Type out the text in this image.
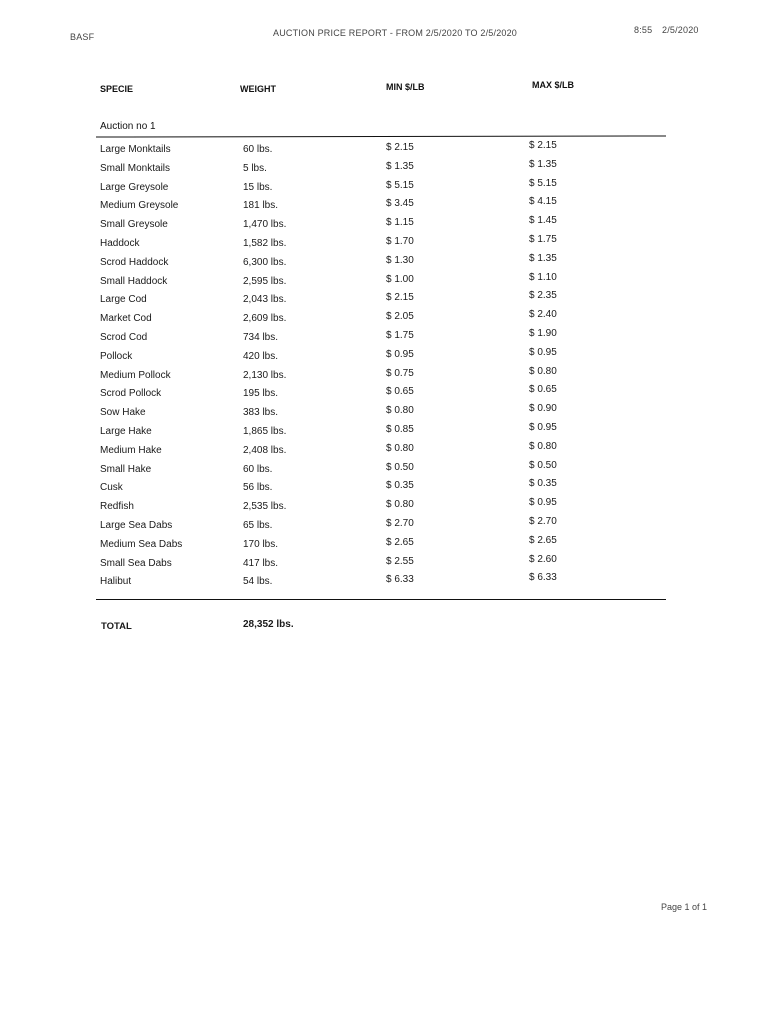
BASF	AUCTION PRICE REPORT - FROM 2/5/2020 TO 2/5/2020	8:55 2/5/2020
SPECIE	WEIGHT	MIN $/LB	MAX $/LB
Auction no 1
Large Monktails	60 lbs.	$ 2.15	$ 2.15
Small Monktails	5 lbs.	$ 1.35	$ 1.35
Large Greysole	15 lbs.	$ 5.15	$ 5.15
Medium Greysole	181 lbs.	$ 3.45	$ 4.15
Small Greysole	1,470 lbs.	$ 1.15	$ 1.45
Haddock	1,582 lbs.	$ 1.70	$ 1.75
Scrod Haddock	6,300 lbs.	$ 1.30	$ 1.35
Small Haddock	2,595 lbs.	$ 1.00	$ 1.10
Large Cod	2,043 lbs.	$ 2.15	$ 2.35
Market Cod	2,609 lbs.	$ 2.05	$ 2.40
Scrod Cod	734 lbs.	$ 1.75	$ 1.90
Pollock	420 lbs.	$ 0.95	$ 0.95
Medium Pollock	2,130 lbs.	$ 0.75	$ 0.80
Scrod Pollock	195 lbs.	$ 0.65	$ 0.65
Sow Hake	383 lbs.	$ 0.80	$ 0.90
Large Hake	1,865 lbs.	$ 0.85	$ 0.95
Medium Hake	2,408 lbs.	$ 0.80	$ 0.80
Small Hake	60 lbs.	$ 0.50	$ 0.50
Cusk	56 lbs.	$ 0.35	$ 0.35
Redfish	2,535 lbs.	$ 0.80	$ 0.95
Large Sea Dabs	65 lbs.	$ 2.70	$ 2.70
Medium Sea Dabs	170 lbs.	$ 2.65	$ 2.65
Small Sea Dabs	417 lbs.	$ 2.55	$ 2.60
Halibut	54 lbs.	$ 6.33	$ 6.33
TOTAL	28,352 lbs.
Page 1 of 1
